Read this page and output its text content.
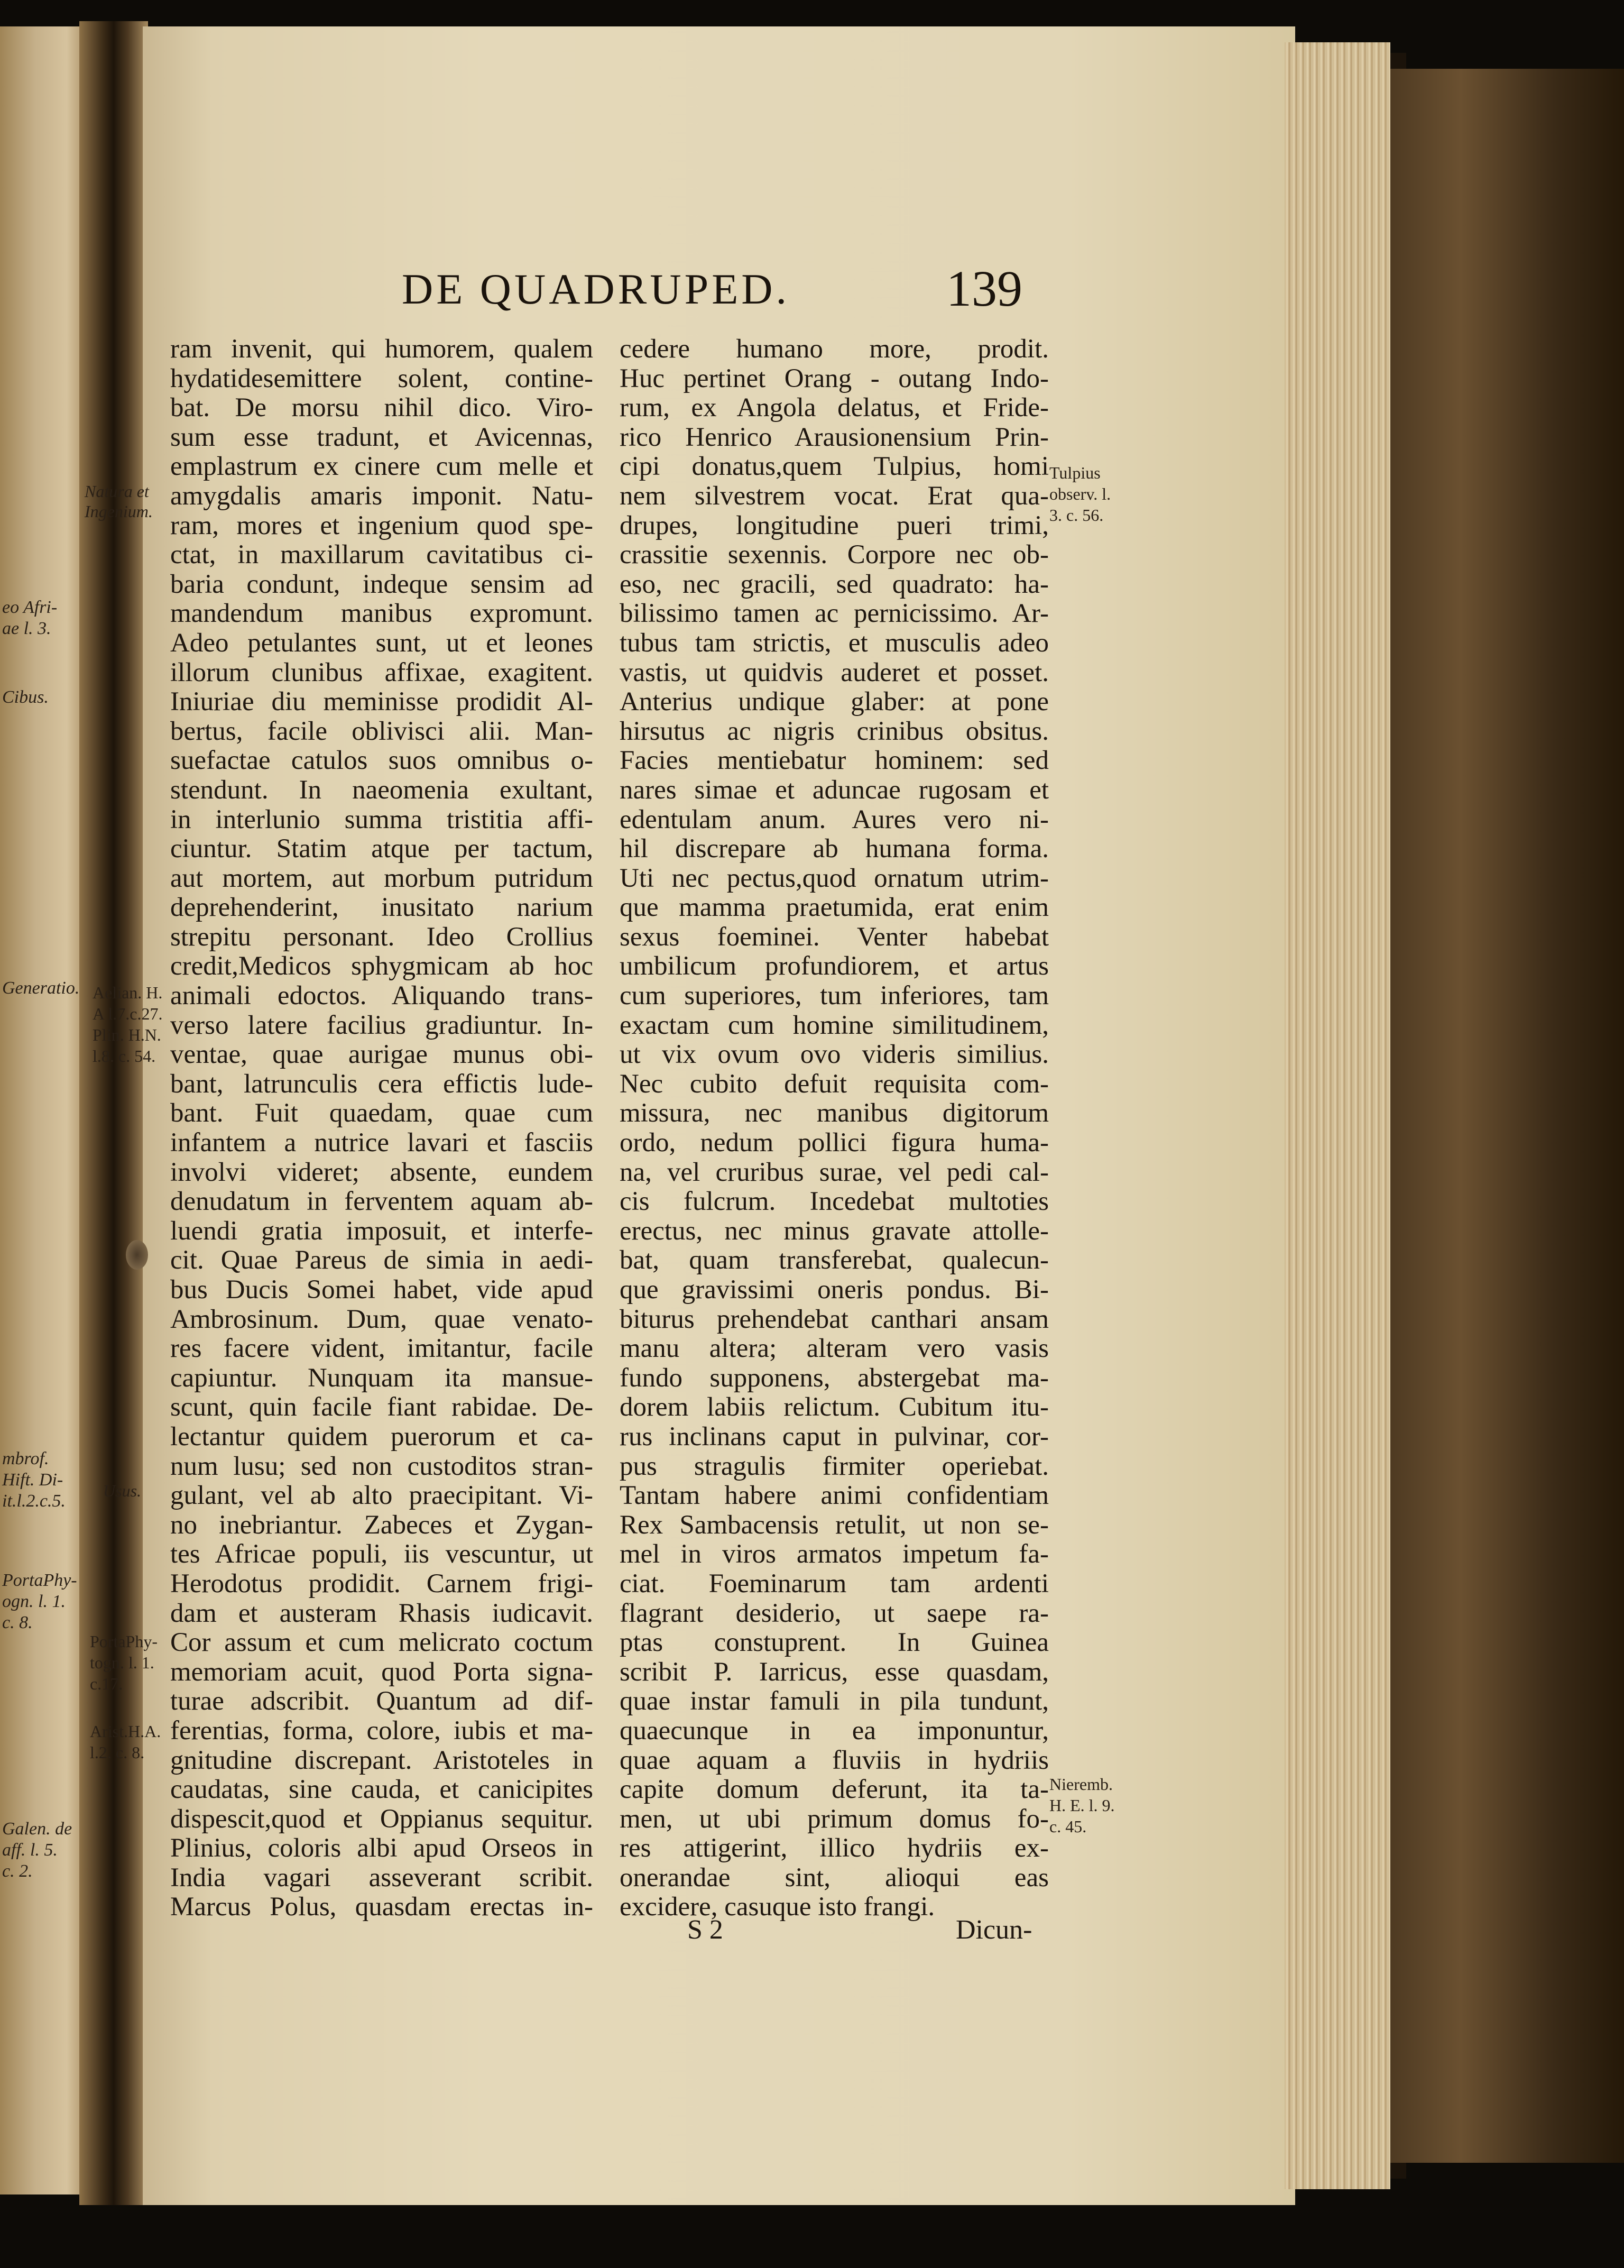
eo Afri-
ae l. 3.
Cibus.
Generatio.
mbrof.
Hift. Di-
it.l.2.c.5.
PortaPhy-
ogn. l. 1.
c. 8.
Galen. de
aff. l. 5.
c. 2.
DE QUADRUPED.	139
ram invenit, qui humorem, qualem
hydatidesemittere solent, contine-
bat. De morsu nihil dico. Viro-
sum esse tradunt, et Avicennas,
emplastrum ex cinere cum melle et
amygdalis amaris imponit. Natu-
ram, mores et ingenium quod spe-
ctat, in maxillarum cavitatibus ci-
baria condunt, indeque sensim ad
mandendum manibus expromunt.
Adeo petulantes sunt, ut et leones
illorum clunibus affixae, exagitent.
Iniuriae diu meminisse prodidit Al-
bertus, facile oblivisci alii. Man-
suefactae catulos suos omnibus o-
stendunt. In naeomenia exultant,
in interlunio summa tristitia affi-
ciuntur. Statim atque per tactum,
aut mortem, aut morbum putridum
deprehenderint, inusitato narium
strepitu personant. Ideo Crollius
credit,Medicos sphygmicam ab hoc
animali edoctos. Aliquando trans-
verso latere facilius gradiuntur. In-
ventae, quae aurigae munus obi-
bant, latrunculis cera effictis lude-
bant. Fuit quaedam, quae cum
infantem a nutrice lavari et fasciis
involvi videret; absente, eundem
denudatum in ferventem aquam ab-
luendi gratia imposuit, et interfe-
cit. Quae Pareus de simia in aedi-
bus Ducis Somei habet, vide apud
Ambrosinum. Dum, quae venato-
res facere vident, imitantur, facile
capiuntur. Nunquam ita mansue-
scunt, quin facile fiant rabidae. De-
lectantur quidem puerorum et ca-
num lusu; sed non custoditos stran-
gulant, vel ab alto praecipitant. Vi-
no inebriantur. Zabeces et Zygan-
tes Africae populi, iis vescuntur, ut
Herodotus prodidit. Carnem frigi-
dam et austeram Rhasis iudicavit.
Cor assum et cum melicrato coctum
memoriam acuit, quod Porta signa-
turae adscribit. Quantum ad dif-
ferentias, forma, colore, iubis et ma-
gnitudine discrepant. Aristoteles in
caudatas, sine cauda, et canicipites
dispescit,quod et Oppianus sequitur.
Plinius, coloris albi apud Orseos in
India vagari asseverant scribit.
Marcus Polus, quasdam erectas in-
cedere humano more, prodit.
Huc pertinet Orang - outang Indo-
rum, ex Angola delatus, et Fride-
rico Henrico Arausionensium Prin-
cipi donatus,quem Tulpius, homi
nem silvestrem vocat. Erat qua-
drupes, longitudine pueri trimi,
crassitie sexennis. Corpore nec ob-
eso, nec gracili, sed quadrato: ha-
bilissimo tamen ac pernicissimo. Ar-
tubus tam strictis, et musculis adeo
vastis, ut quidvis auderet et posset.
Anterius undique glaber: at pone
hirsutus ac nigris crinibus obsitus.
Facies mentiebatur hominem: sed
nares simae et aduncae rugosam et
edentulam anum. Aures vero ni-
hil discrepare ab humana forma.
Uti nec pectus,quod ornatum utrim-
que mamma praetumida, erat enim
sexus foeminei. Venter habebat
umbilicum profundiorem, et artus
cum superiores, tum inferiores, tam
exactam cum homine similitudinem,
ut vix ovum ovo videris similius.
Nec cubito defuit requisita com-
missura, nec manibus digitorum
ordo, nedum pollici figura huma-
na, vel cruribus surae, vel pedi cal-
cis fulcrum. Incedebat multoties
erectus, nec minus gravate attolle-
bat, quam transferebat, qualecun-
que gravissimi oneris pondus. Bi-
biturus prehendebat canthari ansam
manu altera; alteram vero vasis
fundo supponens, abstergebat ma-
dorem labiis relictum. Cubitum itu-
rus inclinans caput in pulvinar, cor-
pus stragulis firmiter operiebat.
Tantam habere animi confidentiam
Rex Sambacensis retulit, ut non se-
mel in viros armatos impetum fa-
ciat. Foeminarum tam ardenti
flagrant desiderio, ut saepe ra-
ptas constuprent. In Guinea
scribit P. Iarricus, esse quasdam,
quae instar famuli in pila tundunt,
quaecunque in ea imponuntur,
quae aquam a fluviis in hydriis
capite domum deferunt, ita ta-
men, ut ubi primum domus fo-
res attigerint, illico hydriis ex-
onerandae sint, alioqui eas
excidere, casuque isto frangi.
Natura et
Ingenium.
Aelian. H.
A l.7.c.27.
Plin. H.N.
l.8. c. 54.
Usus.
PortaPhy-
togn. l. 1.
c.17.
Arist.H.A.
l.2. c. 8.
Tulpius
observ. l.
3. c. 56.
Nieremb.
H. E. l. 9.
c. 45.
S 2	Dicun-
